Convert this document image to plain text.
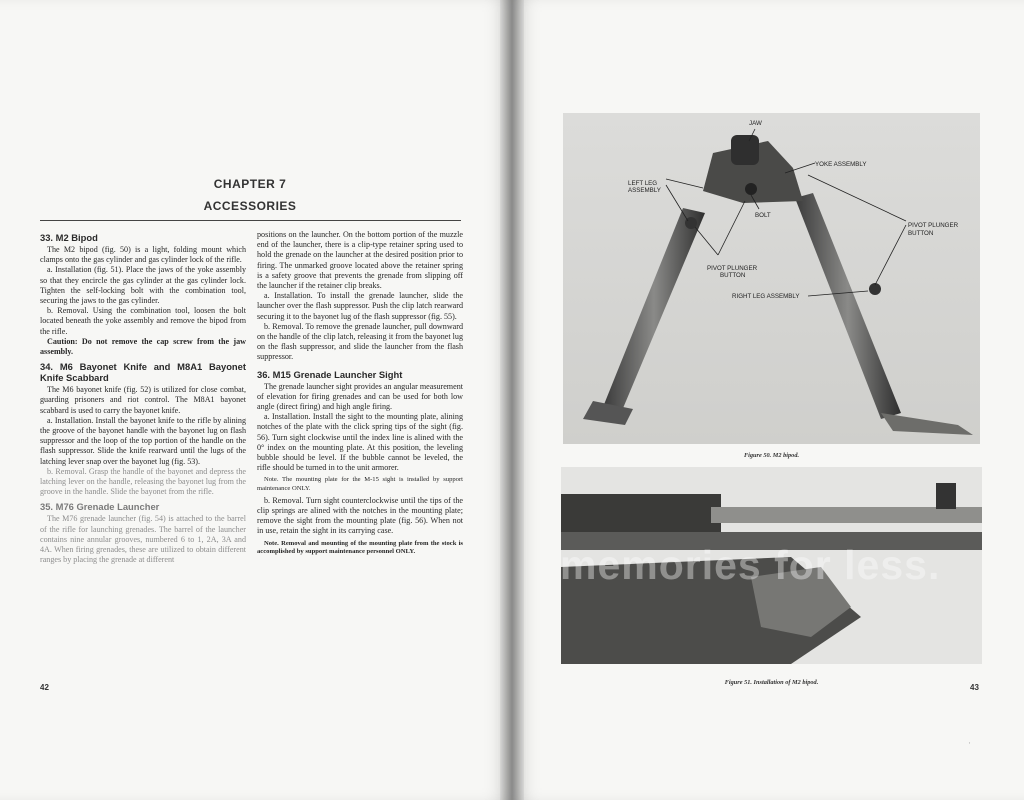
CHAPTER 7
ACCESSORIES
33. M2 Bipod

The M2 bipod (fig. 50) is a light, folding mount which clamps onto the gas cylinder and gas cylinder lock of the rifle.

a. Installation (fig. 51). Place the jaws of the yoke assembly so that they encircle the gas cylinder at the gas cylinder lock. Tighten the self-locking bolt with the combination tool, securing the jaws to the gas cylinder.

b. Removal. Using the combination tool, loosen the bolt located beneath the yoke assembly and remove the bipod from the rifle.

Caution: Do not remove the cap screw from the jaw assembly.

34. M6 Bayonet Knife and M8A1 Bayonet Knife Scabbard

The M6 bayonet knife (fig. 52) is utilized for close combat, guarding prisoners and riot control. The M8A1 bayonet scabbard is used to carry the bayonet knife.

a. Installation. Install the bayonet knife to the rifle by alining the groove of the bayonet handle with the bayonet lug on flash suppressor and the loop of the top portion of the handle on the flash suppressor. Slide the knife rearward until the lugs of the latching lever snap over the bayonet lug (fig. 53).

b. Removal. Grasp the handle of the bayonet and depress the latching lever on the handle, releasing the bayonet lug from the groove in the handle. Slide the bayonet from the rifle.

35. M76 Grenade Launcher

The M76 grenade launcher (fig. 54) is attached to the barrel of the rifle for launching grenades. The barrel of the launcher contains nine annular grooves, numbered 6 to 1, 2A, 3A and 4A. When firing grenades, these are utilized to obtain different ranges by placing the grenade at different

positions on the launcher. On the bottom portion of the muzzle end of the launcher, there is a clip-type retainer spring used to hold the grenade on the launcher at the desired position prior to firing. The unmarked groove located above the retainer spring is a safety groove that prevents the grenade from slipping off the launcher if the retainer clip breaks.

a. Installation. To install the grenade launcher, slide the launcher over the flash suppressor. Push the clip latch rearward securing it to the bayonet lug of the flash suppressor (fig. 55).

b. Removal. To remove the grenade launcher, pull downward on the handle of the clip latch, releasing it from the bayonet lug on the flash suppressor, and slide the launcher from the flash suppressor.

36. M15 Grenade Launcher Sight

The grenade launcher sight provides an angular measurement of elevation for firing grenades and can be used for both low angle (direct firing) and high angle firing.

a. Installation. Install the sight to the mounting plate, alining notches of the plate with the click spring tips of the sight (fig. 56). Turn sight clockwise until the index line is alined with the 0° index on the mounting plate. At this position, the leveling bubble should be level. If the bubble cannot be leveled, the rifle should be turned in to the unit armorer.

Note. The mounting plate for the M-15 sight is installed by support maintenance ONLY.

b. Removal. Turn sight counterclockwise until the tips of the clip springs are alined with the notches in the mounting plate; remove the sight from the mounting plate (fig. 56). When not in use, retain the sight in its carrying case.

Note. Removal and mounting of the mounting plate from the stock is accomplished by support maintenance personnel ONLY.

42
JAW
YOKE ASSEMBLY
LEFT LEG
ASSEMBLY
BOLT
PIVOT PLUNGER
BUTTON
PIVOT PLUNGER
BUTTON
RIGHT LEG ASSEMBLY
Figure 50. M2 bipod.
memories for less.
Figure 51. Installation of M2 bipod.
43
·
